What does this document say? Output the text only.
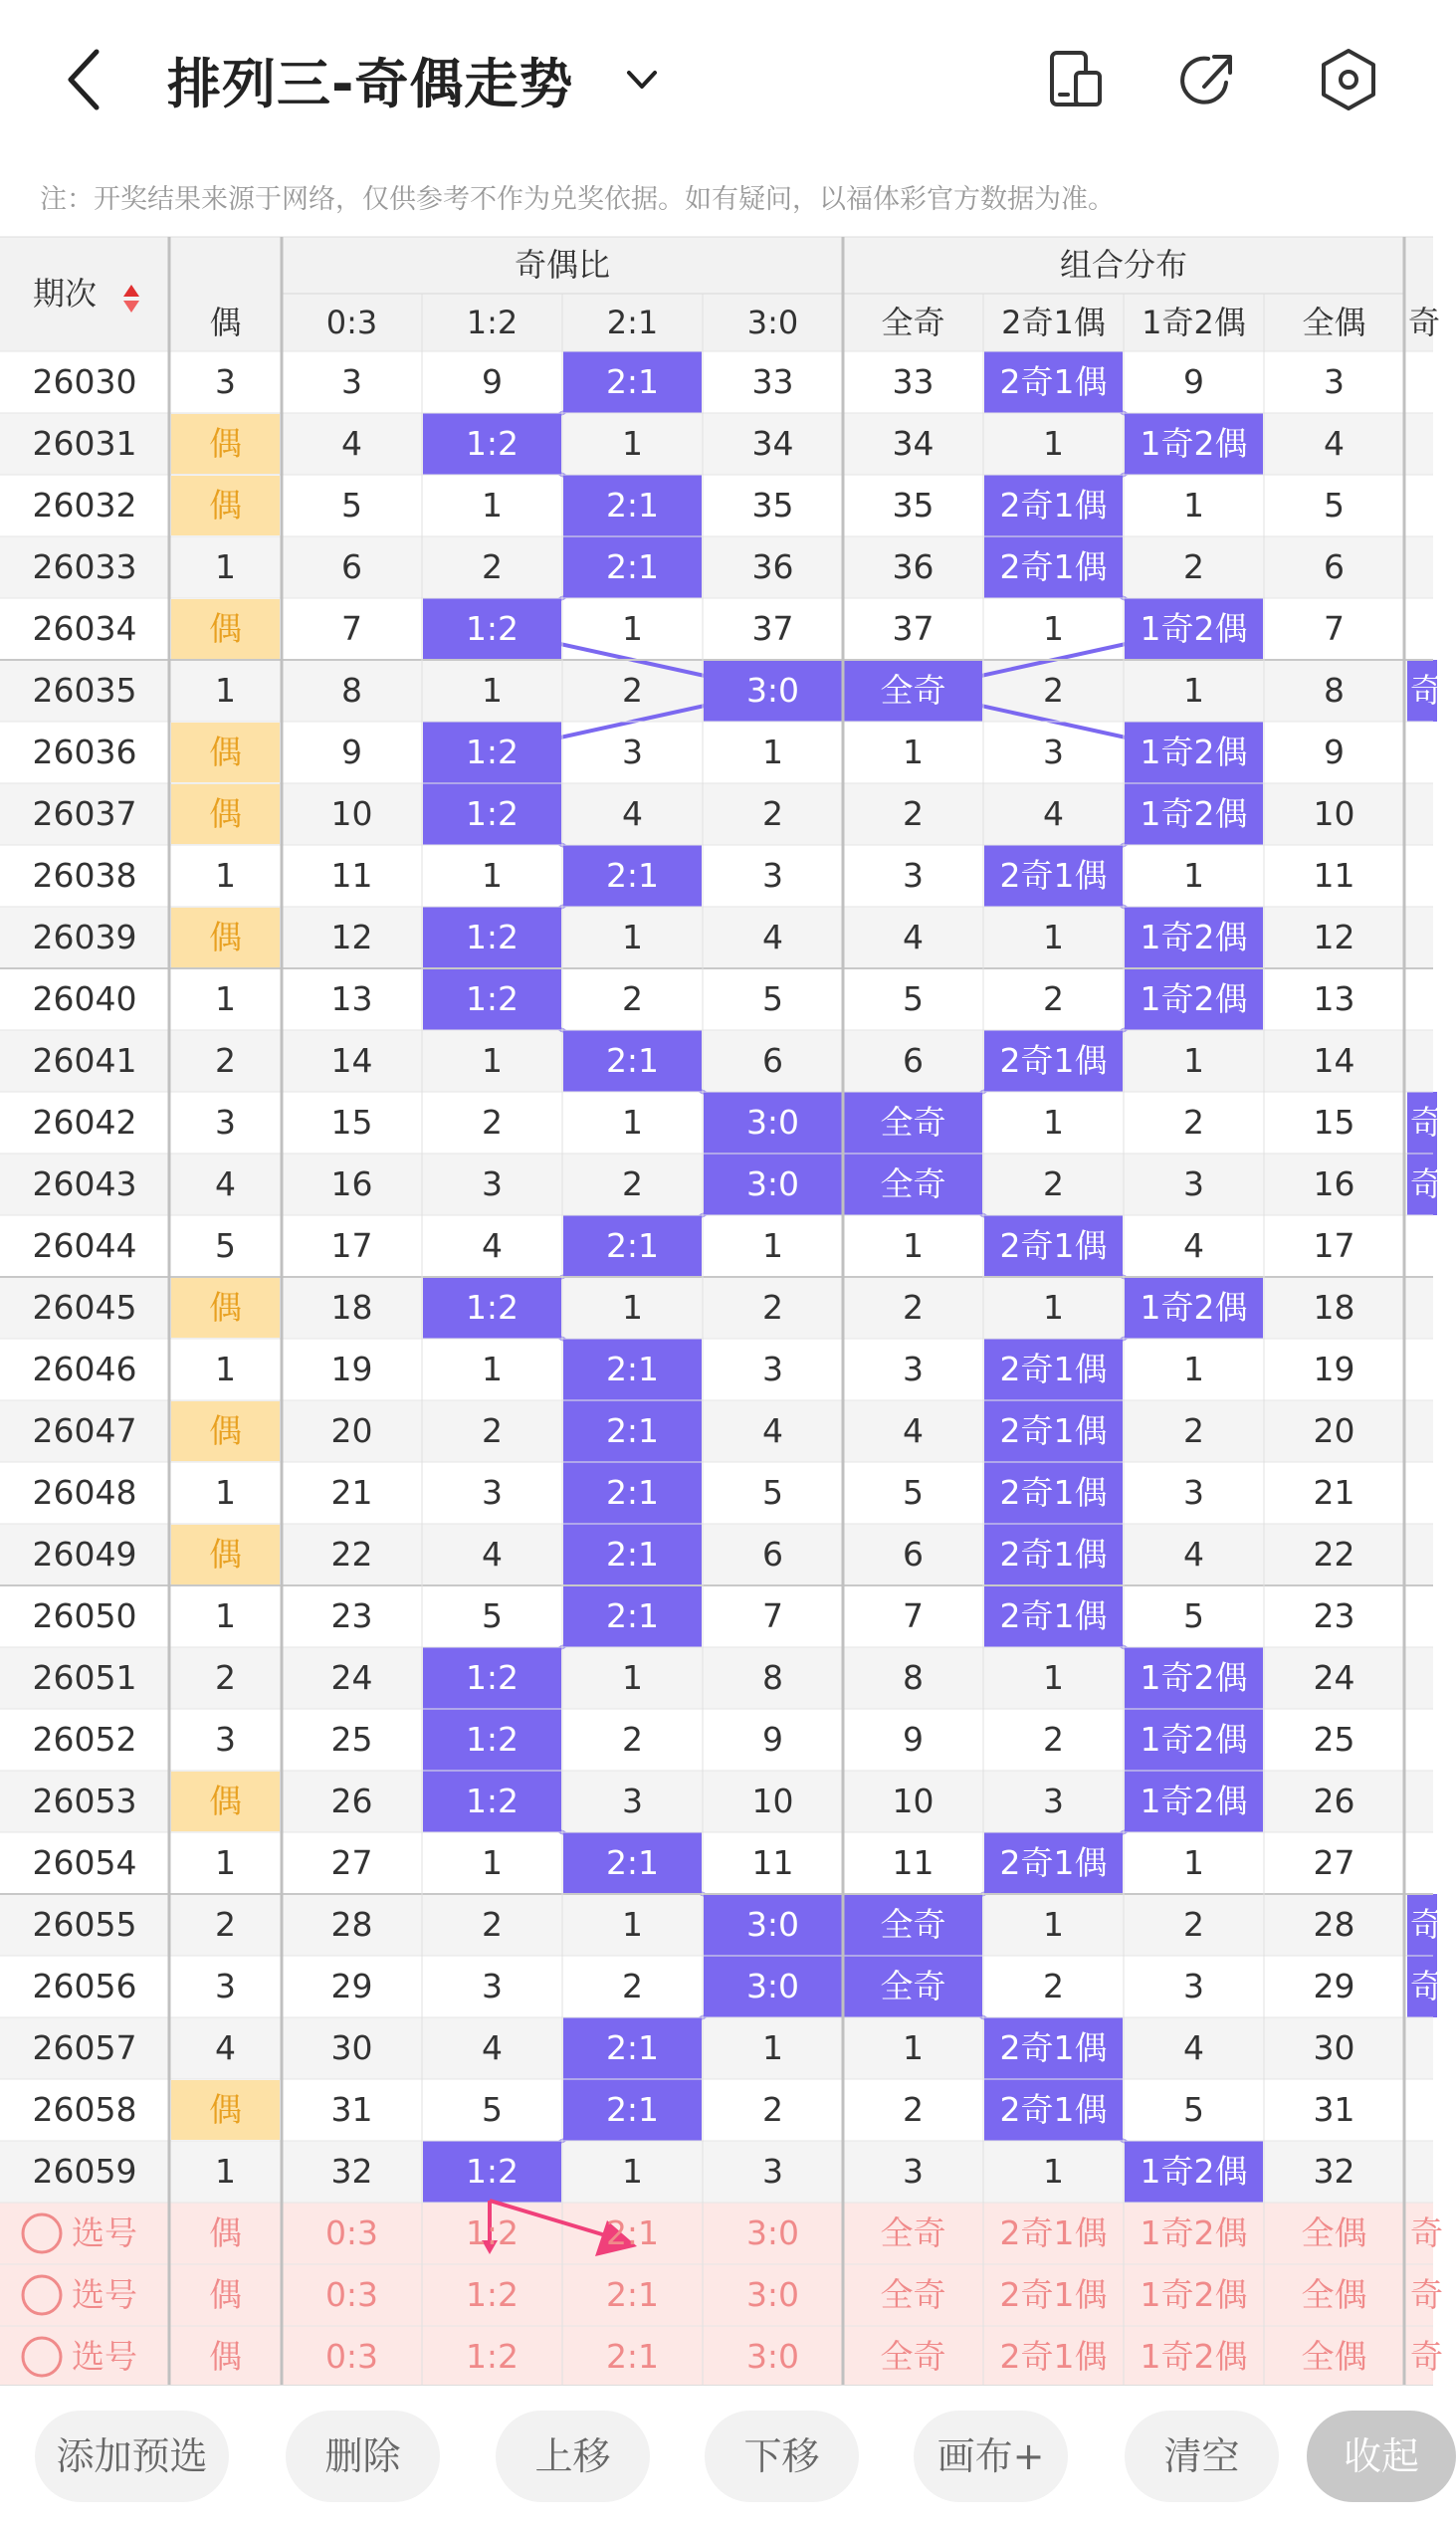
排列三-奇偶走势
注：开奖结果来源于网络，仅供参考不作为兑奖依据。如有疑问，以福体彩官方数据为准。
期次
奇偶比	组合分布
偶	0:3	1:2	2:1	3:0	全奇	2奇1偶	1奇2偶	全偶	奇
26030	3	3	9	2:1	33	33	2奇1偶	9	3
26031	偶	4	1:2	1	34	34	1	1奇2偶	4
26032	偶	5	1	2:1	35	35	2奇1偶	1	5
26033	1	6	2	2:1	36	36	2奇1偶	2	6
26034	偶	7	1:2	1	37	37	1	1奇2偶	7
26035	1	8	1	2	3:0	全奇	2	1	8	奇
26036	偶	9	1:2	3	1	1	3	1奇2偶	9
26037	偶	10	1:2	4	2	2	4	1奇2偶	10
26038	1	11	1	2:1	3	3	2奇1偶	1	11
26039	偶	12	1:2	1	4	4	1	1奇2偶	12
26040	1	13	1:2	2	5	5	2	1奇2偶	13
26041	2	14	1	2:1	6	6	2奇1偶	1	14
26042	3	15	2	1	3:0	全奇	1	2	15	奇
26043	4	16	3	2	3:0	全奇	2	3	16	奇
26044	5	17	4	2:1	1	1	2奇1偶	4	17
26045	偶	18	1:2	1	2	2	1	1奇2偶	18
26046	1	19	1	2:1	3	3	2奇1偶	1	19
26047	偶	20	2	2:1	4	4	2奇1偶	2	20
26048	1	21	3	2:1	5	5	2奇1偶	3	21
26049	偶	22	4	2:1	6	6	2奇1偶	4	22
26050	1	23	5	2:1	7	7	2奇1偶	5	23
26051	2	24	1:2	1	8	8	1	1奇2偶	24
26052	3	25	1:2	2	9	9	2	1奇2偶	25
26053	偶	26	1:2	3	10	10	3	1奇2偶	26
26054	1	27	1	2:1	11	11	2奇1偶	1	27
26055	2	28	2	1	3:0	全奇	1	2	28	奇
26056	3	29	3	2	3:0	全奇	2	3	29	奇
26057	4	30	4	2:1	1	1	2奇1偶	4	30
26058	偶	31	5	2:1	2	2	2奇1偶	5	31
26059	1	32	1:2	1	3	3	1	1奇2偶	32
选号	偶	0:3	1:2	2:1	3:0	全奇	2奇1偶	1奇2偶	全偶	奇
选号	偶	0:3	1:2	2:1	3:0	全奇	2奇1偶	1奇2偶	全偶	奇
选号	偶	0:3	1:2	2:1	3:0	全奇	2奇1偶	1奇2偶	全偶	奇
添加预选	删除	上移	下移	画布+	清空	收起
